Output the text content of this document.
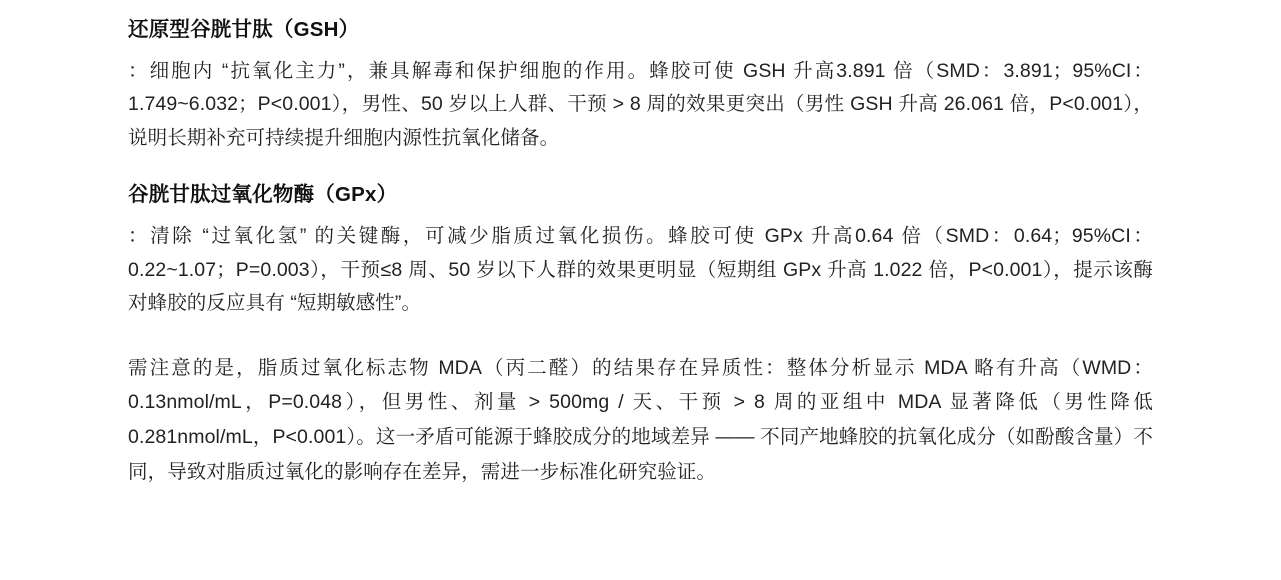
还原型谷胱甘肽（GSH）

：细胞内 “抗氧化主力”，兼具解毒和保护细胞的作用。蜂胶可使 GSH 升高3.891 倍（SMD：3.891；95%CI：1.749~6.032；P<0.001），男性、50 岁以上人群、干预 > 8 周的效果更突出（男性 GSH 升高 26.061 倍，P<0.001），说明长期补充可持续提升细胞内源性抗氧化储备。

谷胱甘肽过氧化物酶（GPx）

：清除 “过氧化氢” 的关键酶，可减少脂质过氧化损伤。蜂胶可使 GPx 升高0.64 倍（SMD：0.64；95%CI：0.22~1.07；P=0.003），干预≤8 周、50 岁以下人群的效果更明显（短期组 GPx 升高 1.022 倍，P<0.001），提示该酶对蜂胶的反应具有 “短期敏感性”。

需注意的是，脂质过氧化标志物 MDA（丙二醛）的结果存在异质性：整体分析显示 MDA 略有升高（WMD：0.13nmol/mL，P=0.048），但男性、剂量 > 500mg / 天、干预 > 8 周的亚组中 MDA 显著降低（男性降低 0.281nmol/mL，P<0.001）。这一矛盾可能源于蜂胶成分的地域差异 —— 不同产地蜂胶的抗氧化成分（如酚酸含量）不同，导致对脂质过氧化的影响存在差异，需进一步标准化研究验证。
